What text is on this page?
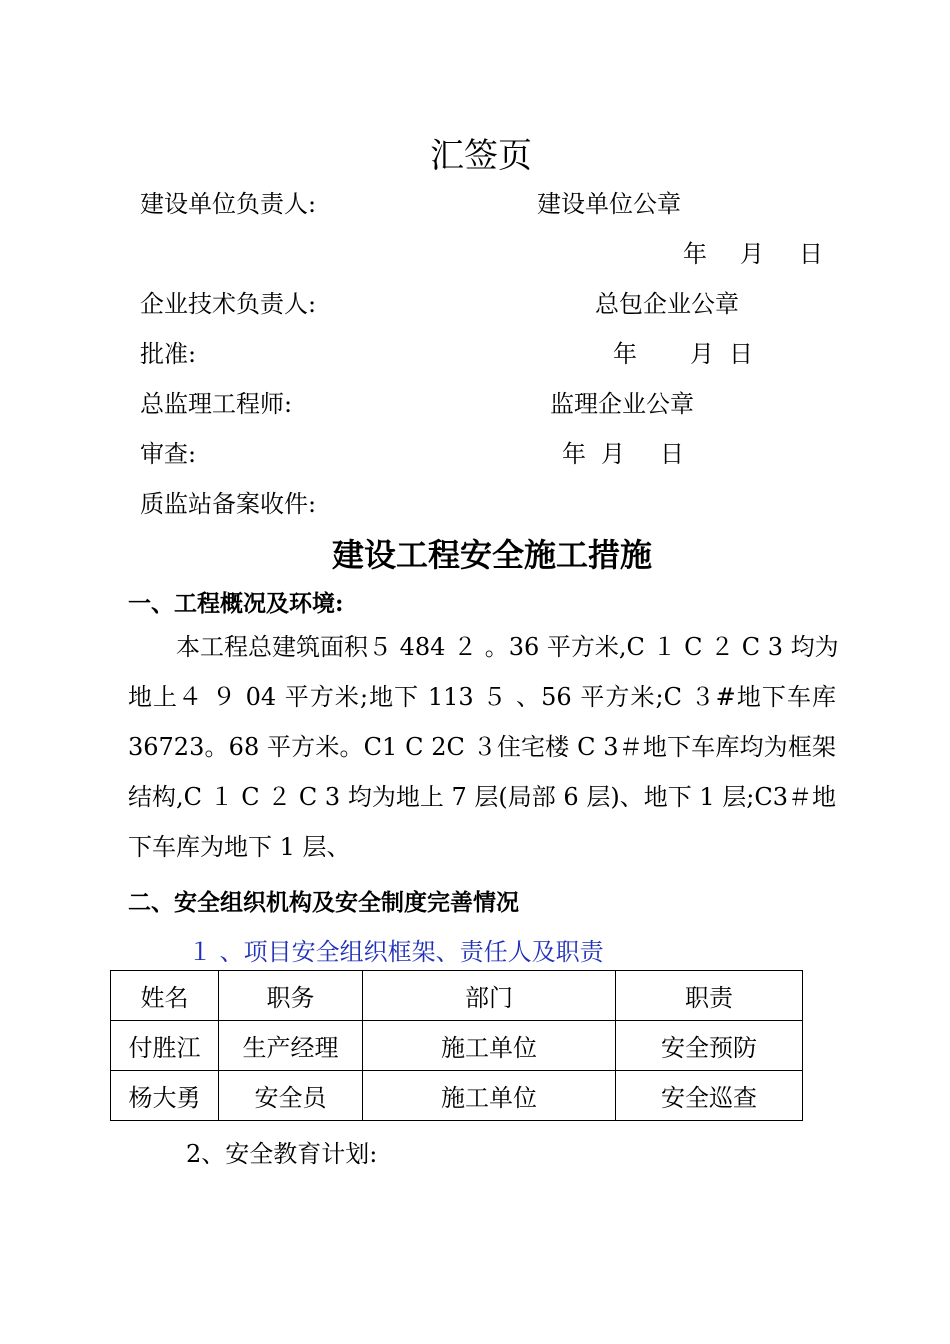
汇签页
建设单位负责人:	建设单位公章
年 月 日
企业技术负责人:	总包企业公章
批准:	年 月 日
总监理工程师:	监理企业公章
审查:	年 月 日
质监站备案收件:
建设工程安全施工措施
一、工程概况及环境:
本工程总建筑面积５ 484 ２ 。36 平方米,C １ C ２ C 3 均为
地上４ ９ 04 平方米;地下 113 ５ 、56 平方米;C ３#地下车库
36723。68 平方米。C1 C 2C ３住宅楼 C 3＃地下车库均为框架
结构,C １ C ２ C 3 均为地上 7 层(局部 6 层)、地下 1 层;C3＃地
下车库为地下 1 层、
二、安全组织机构及安全制度完善情况
１ 、项目安全组织框架、责任人及职责
姓名	职务	部门	职责
付胜江	生产经理	施工单位	安全预防
杨大勇	安全员	施工单位	安全巡查
2、安全教育计划:
